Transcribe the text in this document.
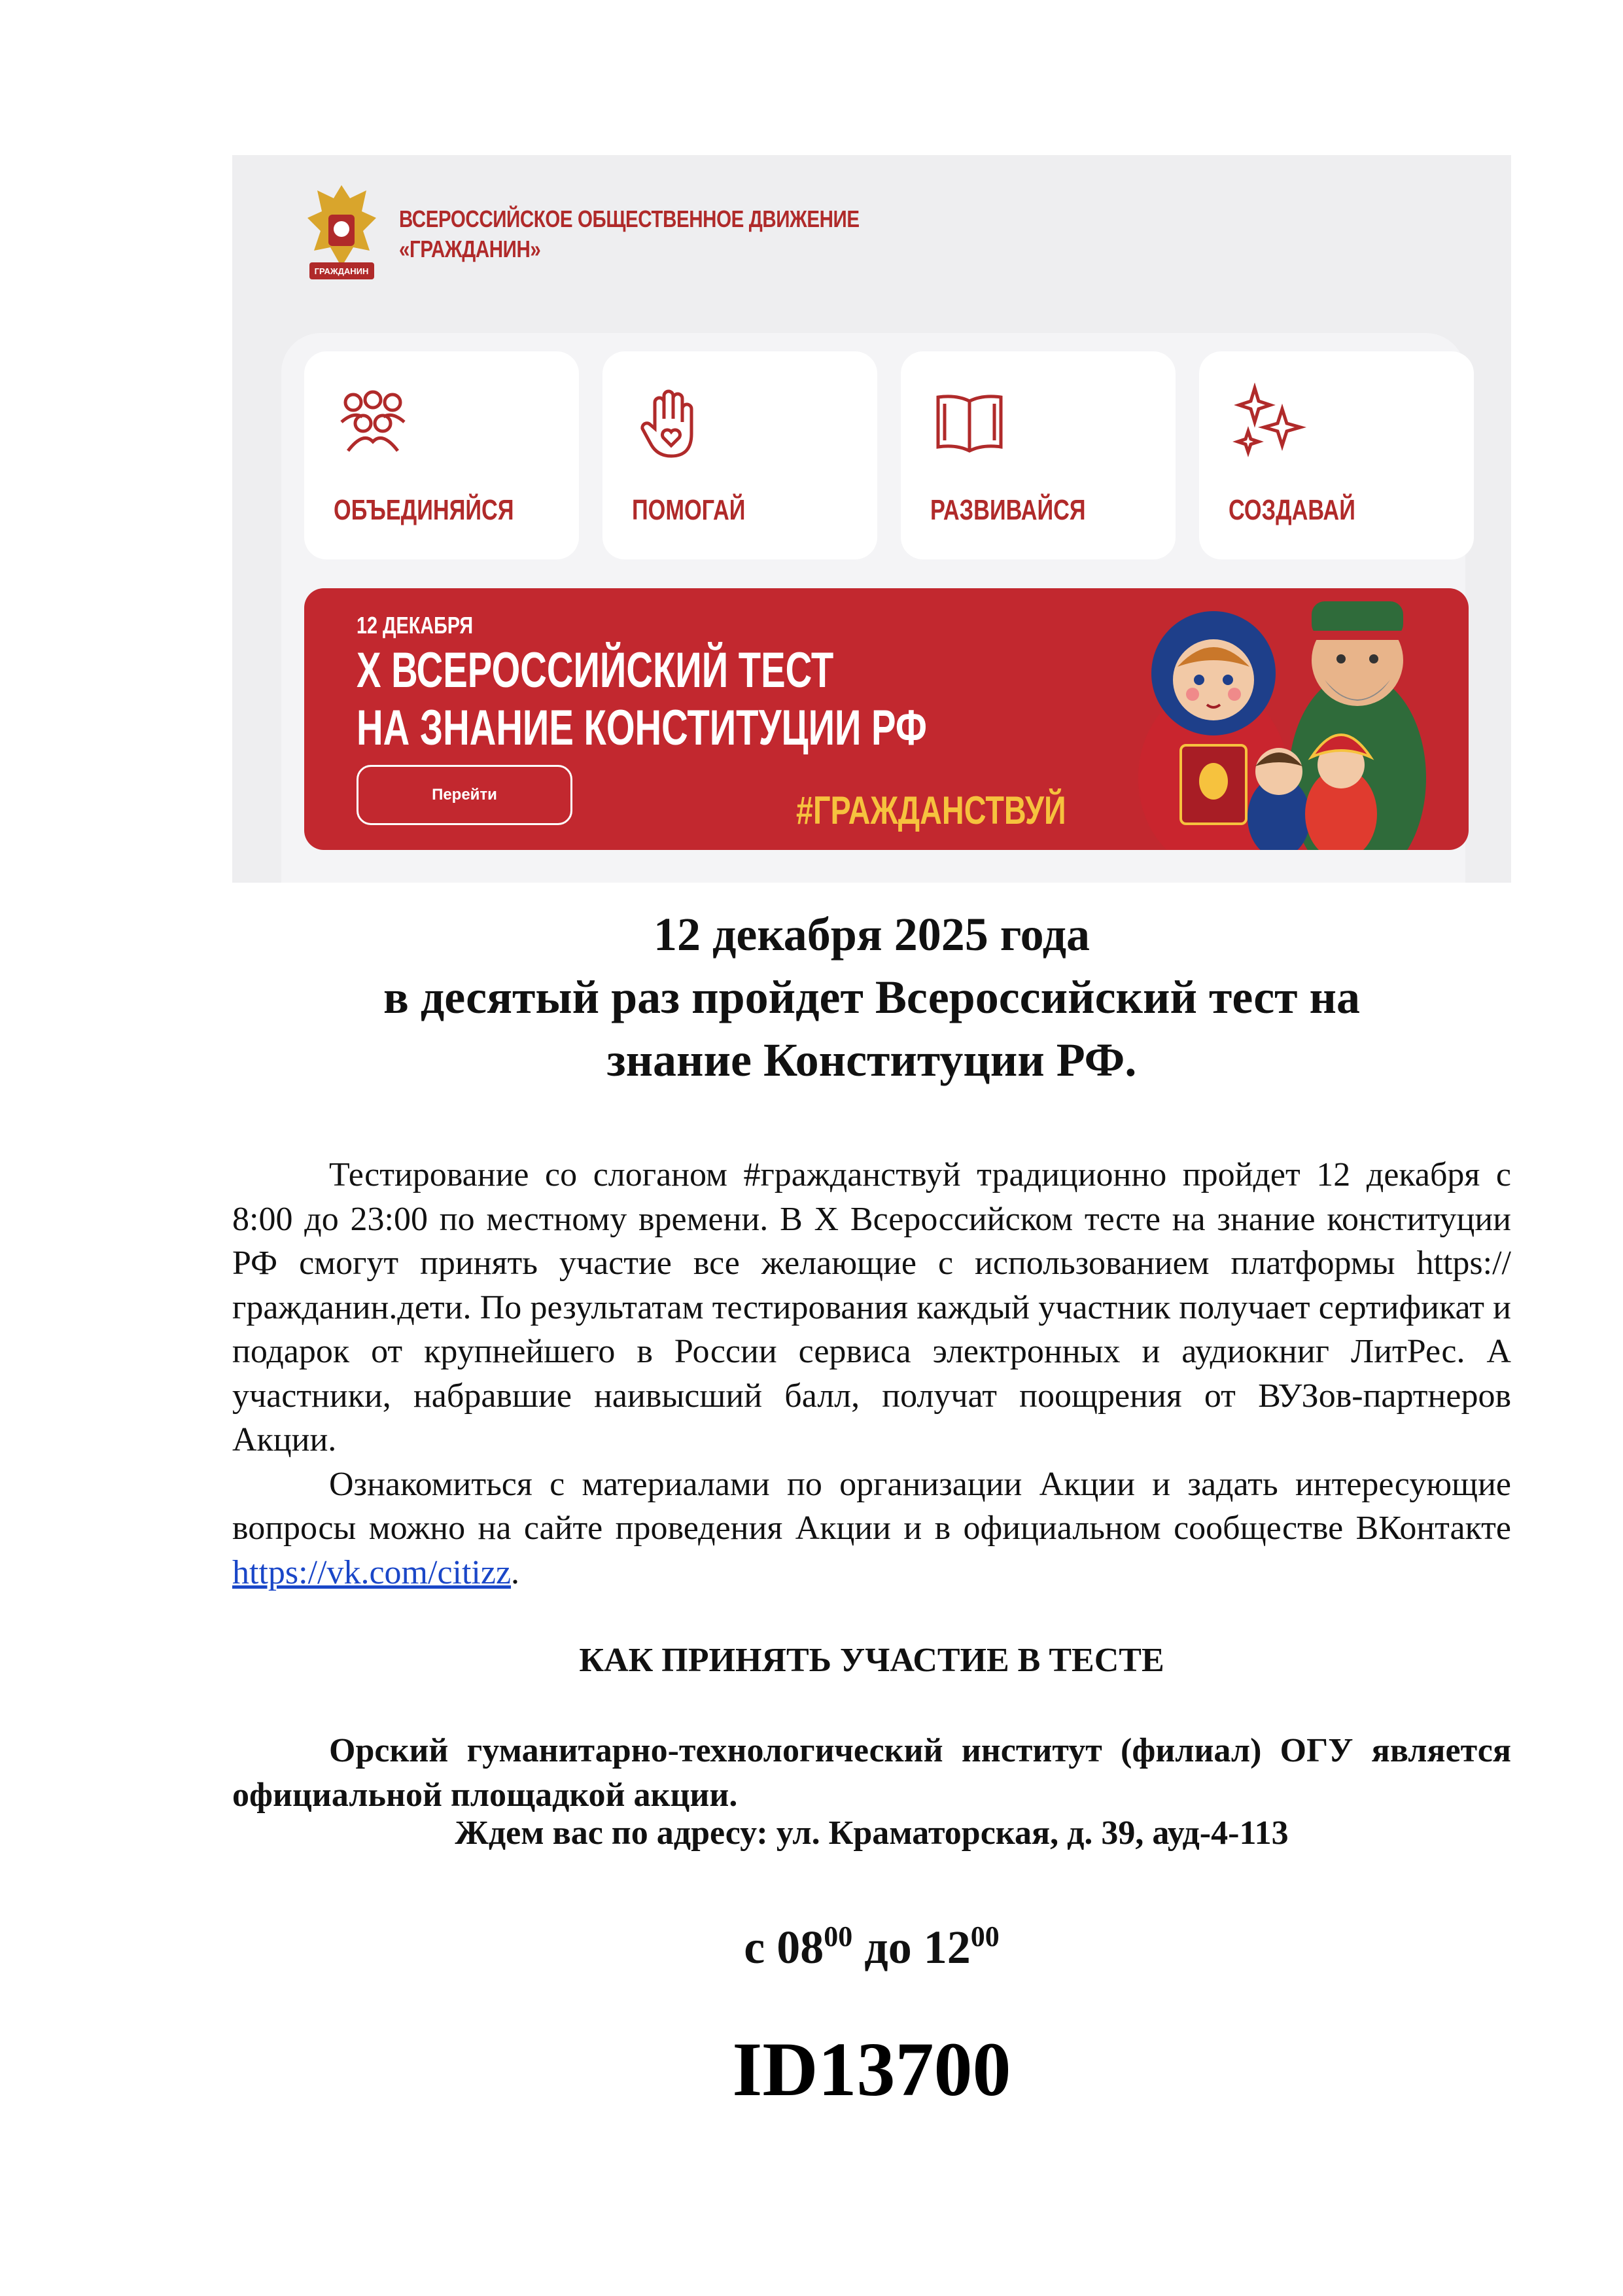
ГРАЖДАНИН
ВСЕРОССИЙСКОЕ ОБЩЕСТВЕННОЕ ДВИЖЕНИЕ
«ГРАЖДАНИН»
ОБЪЕДИНЯЙСЯ	ПОМОГАЙ	РАЗВИВАЙСЯ	СОЗДАВАЙ
12 ДЕКАБРЯ
X ВСЕРОССИЙСКИЙ ТЕСТ
НА ЗНАНИЕ КОНСТИТУЦИИ РФ
Перейти	#ГРАЖДАНСТВУЙ
12 декабря 2025 года
в десятый раз пройдет Всероссийский тест на
знание Конституции РФ.

Тестирование со слоганом #гражданствуй традиционно пройдет 12 декабря с 8:00 до 23:00 по местному времени. В X Всероссийском тесте на знание конституции РФ смогут принять участие все желающие с использованием платформы https://гражданин.дети. По результатам тестирования каждый участник получает сертификат и подарок от крупнейшего в России сервиса электронных и аудиокниг ЛитРес. А участники, набравшие наивысший балл, получат поощрения от ВУЗов-партнеров Акции.

Ознакомиться с материалами по организации Акции и задать интересующие вопросы можно на сайте проведения Акции и в официальном сообществе ВКонтакте https://vk.com/citizz.

КАК ПРИНЯТЬ УЧАСТИЕ В ТЕСТЕ

Орский гуманитарно-технологический институт (филиал) ОГУ является официальной площадкой акции.

Ждем вас по адресу: ул. Краматорская, д. 39, ауд-4-113
с $08^{00}$ до $12^{00}$
ID13700
